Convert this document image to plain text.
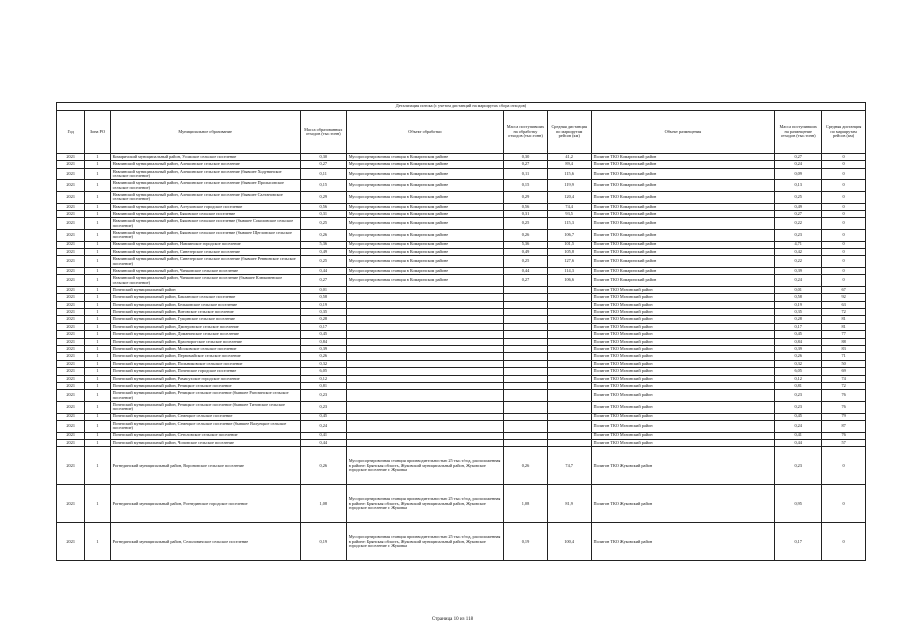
Детализация потока (с учетом дистанций на маршрутах сбора отходов)									
Год	Зона РО	Муниципальное образование	Масса образованных отходов (тыс.тонн)	Объект обработки	Масса поступивших на обработку отходов (тыс.тонн)	Средняя дистанция по маршрутам рейсов (км)	Объект размещения	Масса поступивших на размещение отходов (тыс.тонн)	Средняя дистанция по маршрутам рейсов (км)
2021	1	Комаричский муниципальный район, Усожское сельское поселение	0,30	Мусоросортировочная станция в Комаричском районе	0,30	41,2	Полигон ТКО Комаричский район	0,27	0
2021	1	Навлинский муниципальный район, Алешинское сельское поселение	0,27	Мусоросортировочная станция в Комаричском районе	0,27	89,4	Полигон ТКО Комаричский район	0,24	0
2021	1	Навлинский муниципальный район, Алешинское сельское поселение (бывшее Ходунинское сельское поселение)	0,11	Мусоросортировочная станция в Комаричском районе	0,11	115,6	Полигон ТКО Комаричский район	0,09	0
2021	1	Навлинский муниципальный район, Алешинское сельское поселение (бывшее Пролысовское сельское поселение)	0,15	Мусоросортировочная станция в Комаричском районе	0,15	119,9	Полигон ТКО Комаричский район	0,13	0
2021	1	Навлинский муниципальный район, Алешинское сельское поселение (бывшее Салтановское сельское поселение)	0,29	Мусоросортировочная станция в Комаричском районе	0,29	120,4	Полигон ТКО Комаричский район	0,25	0
2021	1	Навлинский муниципальный район, Алтуховское городское поселение	0,56	Мусоросортировочная станция в Комаричском районе	0,56	74,4	Полигон ТКО Комаричский район	0,49	0
2021	1	Навлинский муниципальный район, Бяковское сельское поселение	0,31	Мусоросортировочная станция в Комаричском районе	0,31	93,5	Полигон ТКО Комаричский район	0,27	0
2021	1	Навлинский муниципальный район, Бяковское сельское поселение (бывшее Соколовское сельское поселение)	0,25	Мусоросортировочная станция в Комаричском районе	0,25	115,3	Полигон ТКО Комаричский район	0,22	0
2021	1	Навлинский муниципальный район, Бяковское сельское поселение (бывшее Щегловское сельское поселение)	0,26	Мусоросортировочная станция в Комаричском районе	0,26	106,7	Полигон ТКО Комаричский район	0,23	0
2021	1	Навлинский муниципальный район, Навлинское городское поселение	5,36	Мусоросортировочная станция в Комаричском районе	5,36	101,5	Полигон ТКО Комаричский район	4,71	0
2021	1	Навлинский муниципальный район, Синезерское сельское поселение	0,49	Мусоросортировочная станция в Комаричском районе	0,49	105,8	Полигон ТКО Комаричский район	0,42	0
2021	1	Навлинский муниципальный район, Синезерское сельское поселение (бывшее Ревнинское сельское поселение)	0,25	Мусоросортировочная станция в Комаричском районе	0,25	127,6	Полигон ТКО Комаричский район	0,22	0
2021	1	Навлинский муниципальный район, Чичковское сельское поселение	0,44	Мусоросортировочная станция в Комаричском районе	0,44	114,3	Полигон ТКО Комаричский район	0,39	0
2021	1	Навлинский муниципальный район, Чичковское сельское поселение (бывшее Клюковенское сельское поселение)	0,27	Мусоросортировочная станция в Комаричском районе	0,27	106,6	Полигон ТКО Комаричский район	0,24	0
2021	1	Почепский муниципальный район	0,01				Полигон ТКО Мглинский район	0,01	67
2021	1	Почепский муниципальный район, Бакланское сельское поселение	0,58				Полигон ТКО Мглинский район	0,58	92
2021	1	Почепский муниципальный район, Бельковское сельское поселение	0,19				Полигон ТКО Мглинский район	0,19	63
2021	1	Почепский муниципальный район, Витовское сельское поселение	0,35				Полигон ТКО Мглинский район	0,35	72
2021	1	Почепский муниципальный район, Гущинское сельское поселение	0,28				Полигон ТКО Мглинский район	0,28	81
2021	1	Почепский муниципальный район, Дмитровское сельское поселение	0,17				Полигон ТКО Мглинский район	0,17	81
2021	1	Почепский муниципальный район, Доманичское сельское поселение	0,45				Полигон ТКО Мглинский район	0,45	77
2021	1	Почепский муниципальный район, Краснорогское сельское поселение	0,84				Полигон ТКО Мглинский район	0,84	88
2021	1	Почепский муниципальный район, Московское сельское поселение	0,39				Полигон ТКО Мглинский район	0,39	83
2021	1	Почепский муниципальный район, Первомайское сельское поселение	0,26				Полигон ТКО Мглинский район	0,26	71
2021	1	Почепский муниципальный район, Польниковское сельское поселение	0,32				Полигон ТКО Мглинский район	0,32	50
2021	1	Почепский муниципальный район, Почепское городское поселение	6,05				Полигон ТКО Мглинский район	6,05	69
2021	1	Почепский муниципальный район, Рамасухское городское поселение	0,12				Полигон ТКО Мглинский район	0,12	74
2021	1	Почепский муниципальный район, Речицкое сельское поселение	0,81				Полигон ТКО Мглинский район	0,81	72
2021	1	Почепский муниципальный район, Речицкое сельское поселение (бывшее Рагозинское сельское поселение)	0,23				Полигон ТКО Мглинский район	0,23	76
2021	1	Почепский муниципальный район, Речицкое сельское поселение (бывшее Титовское сельское поселение)	0,23				Полигон ТКО Мглинский район	0,23	76
2021	1	Почепский муниципальный район, Семецкое сельское поселение	0,45				Полигон ТКО Мглинский район	0,45	79
2021	1	Почепский муниципальный район, Семецкое сельское поселение (бывшее Валуецкое сельское поселение)	0,24				Полигон ТКО Мглинский район	0,24	87
2021	1	Почепский муниципальный район, Сетоловское сельское поселение	0,41				Полигон ТКО Мглинский район	0,41	76
2021	1	Почепский муниципальный район, Чоповское сельское поселение	0,44				Полигон ТКО Мглинский район	0,44	57
2021	1	Рогнединский муниципальный район, Вороновское сельское поселение	0,26	Мусоросортировочная станция производительностью 25 тыс.т/год, расположенная в районе: Брянская область, Жуковский муниципальный район, Жуковское городское поселение г. Жуковка	0,26	74,7	Полигон ТКО Жуковский район	0,23	0
2021	1	Рогнединский муниципальный район, Рогнединское городское поселение	1,08	Мусоросортировочная станция производительностью 25 тыс.т/год, расположенная в районе: Брянская область, Жуковский муниципальный район, Жуковское городское поселение г. Жуковка	1,08	81,9	Полигон ТКО Жуковский район	0,95	0
2021	1	Рогнединский муниципальный район, Селиловичское сельское поселение	0,19	Мусоросортировочная станция производительностью 25 тыс.т/год, расположенная в районе: Брянская область, Жуковский муниципальный район, Жуковское городское поселение г. Жуковка	0,19	100,4	Полигон ТКО Жуковский район	0,17	0
Страница 10 из 118
